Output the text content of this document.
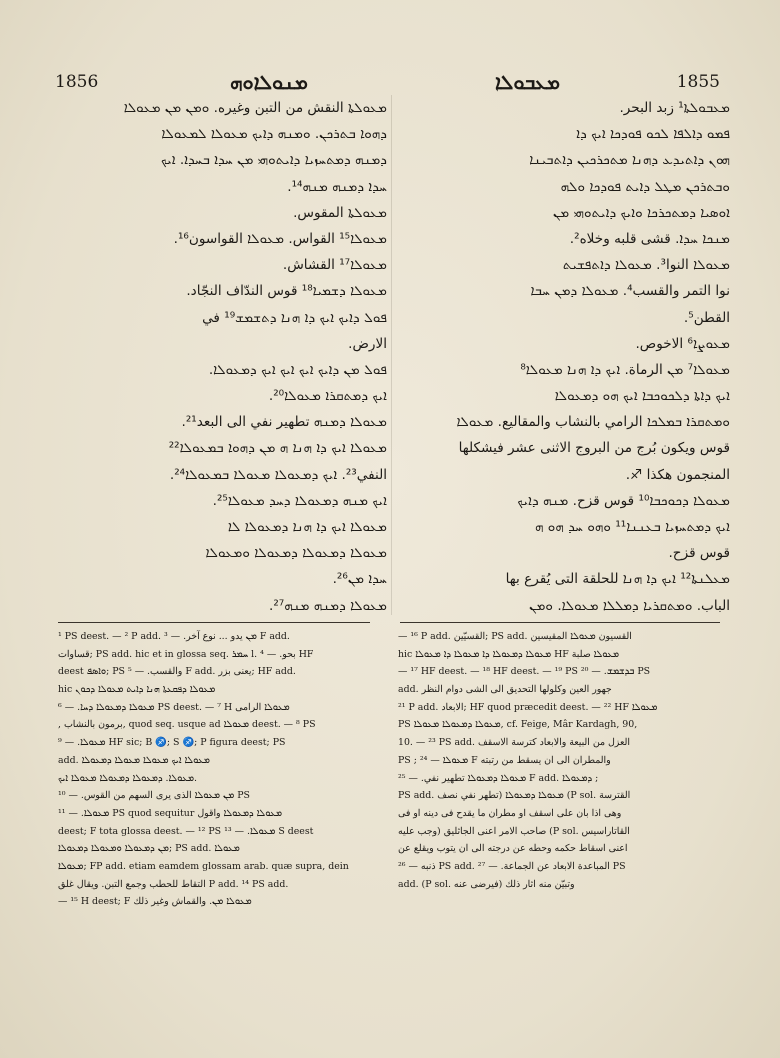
1856	ܡܢܘܠܐܘܗ	ܡܥܒܘܠܐ	1855
ܡܥܘܠܬܐ النقش من التبن وغيره. ܘܡܢ ܡܢ ܡܥܘܠܐ
ܕܗܘܐ ܒܬܪܟܢ. ܘܡܢܗ ܕܐܝܟ ܡܥܘܠܐ ܠܡܥܘܠܐ
ܕܡܢܗ ܕܡܬܚܙܝܐ ܕܐܝܬܘܗܝ ܡܢ ܚܕܐ ܒܚܕܐ. ܐܝܟ
ܚܕܐ ܕܡܢܗ ܡܢܗ¹⁴.
ܡܥܘܠܬܐ المقوس.
ܡܥܘܠܐ¹⁵ القواس. ܡܥܘܠܐ القواسون¹⁶.
ܡܥܘܠܐ¹⁷ القشاش.
ܡܥܘܠܐ ܕܫܡܝܐ¹⁸ قوس الندّاف النجّاد.
ܦܘܠ ܕܐܝܟ ܐܝܟ ܕܐ ܗܢܐ ܕܬܫܡܫ¹⁹ في
الارض.
ܦܘܠ ܡܢ ܕܐܝܟ ܐܝܟ ܐܝܟ ܐܝܟ ܕܡܥܘܠܐ.
ܐܝܟ ܕܡܬܩܪܐ ܡܥܘܠܐ²⁰.
ܡܥܘܠܐ ܕܡܢܗ تطهير نفي الى البعد²¹.
ܡܥܘܠܐ ܐܝܟ ܕܐ ܗܢܐ ܗ ܡܢ ܕܗܘܐ ܒܡܥܘܠܐ²²
النفي²³. ܐܝܟ ܕܡܥܘܠܐ ܡܥܘܠܐ ܒܡܥܘܠܐ²⁴.
ܐܝܟ ܡܢܗ ܕܡܥܘܠܐ ܕܚܕ ܡܥܘܠܐ²⁵.
ܡܥܘܠܐ ܐܝܟ ܕܐ ܗܢܐ ܕܡܥܘܠܐ ܠܐ
ܡܥܘܠܐ ܕܡܥܘܠܐ ܕܡܥܘܠܐ ܘܡܥܘܠܐ
ܚܕܐ ܡܢ²⁶.
ܡܥܘܠܐ ܕܡܢܗ ܡܢܗ²⁷.
ܡܥܒܘܠܬܐ¹ زبد البحر.
ܦܡܘ ܕܐܠܦܐ ܠܟܘ ܦܘܕܟܐ ܐܝܟ ܕܐ
ܗܘܢ ܕܐܬܝܕܥ ܕܗܢܐ ܡܬܟܪܟܝܢ ܕܐܬܒܝܢܐ
ܘܒܬܪܟܢ ܡܛܠ ܕܐܝܬ ܦܘܕܟܐ ܘܠܗ
ܐܘܣܝܐ ܕܡܬܟܪܟܐ ܘܐܝܟ ܕܐܝܬܘܗܝ ܡܢ
ܡܢܟܐ ܚܕܐ. قشى قلبه وخلاه².
ܡܥܘܠܐ النوا³. ܡܥܘܠܐ ܕܐܬܦܫܝܬ
نوا التمر والقسب⁴. ܡܥܘܠܐ ܕܡܢ ܚܒܐ
القطن⁵.
ܡܥܘܨܐ⁶ الاخوص.
ܡܥܘܠܐ⁷ ܡܢ الرماة. ܐܝܟ ܕܐ ܗܢܐ ܡܥܘܠܐ⁸
ܐܝܟ ܕܐܬܐ ܕܠܟܘܟܒܐ ܐܝܟ ܗܘ ܕܡܥܘܠܐ
ܘܡܬܩܪܐ ܒܡܠܟܐ الرامي بالنشاب والمقاليع. ܡܥܘܠܐ
قوس ويكون بُرج من البروج الاثنى عشر فيشكلها
المنجمون هكذا ♐.
ܡܥܘܠܐ ܕܟܘܟܒܐ¹⁰ قوس قزح. ܡܢܗ ܕܐܝܟ
ܐܝܟ ܕܡܬܚܙܝܐ ܒܥܢܢܐ¹¹ ܘܗܘ ܚܕ ܗܘ ܗ
قوس قزح.
ܡܥܠܢܬܐ¹² ܐܝܟ ܕܐ ܗܢܐ للحلقة التى يُقرع بها
الباب. ܘܡܬܩܪܝܐ ܕܡܠܠܐ ܡܥܘܠܐ. ܘܡܢ
¹ PS deest. — ² P add. ܡܢ يدو ... نوع آخر. — ³ F add.
قساوات; PS add. hic et in glossa seq. ܚܡܪ l. بحو. — ⁴ HF
deest ܘܐܣܦ; PS والقسب. — ⁵ F add. يعنى بزر; HF add.
hic ܡܥܘܠܐ ܕܦܩܥܬܐ ܗܢܐ ܕܐܝܬ ܡܥܘܠܐ ܕܟܘܢ
ܡܥܘܠܐ ܕܡܥܘܠܐ ܕܚܐ. — ⁶ PS deest. — ⁷ H ܡܥܘܠܐ الرامى
, برمون بالنشاب, quod seq. usque ad ܡܥܘܠܐ deest. — ⁸ PS
ܡܥܘܠܐ. — ⁹ HF sic; B ♐; S ♐; P figura deest; PS
add. ܡܥܘܠܐ ܐܝܟ ܡܥܘܠܐ ܡܥܘܠܐ ܕܡܥܘܠܐ
ܡܥܘܠܐ. ܕܡܥܘܠܐ ܕܡܥܘܠܐ ܡܥܘܠܐ ܐܝܟ.
ܡܢ ܡܥܘܠܐ الذى يرى السهم من القوس. — ¹⁰ PS
ܡܥܘܠܐ. — ¹¹ PS quod sequitur ܡܥܘܠܐ ܕܡܥܘܠܐ واقول
deest; F tota glossa deest. — ¹² PS ܡܥܘܠܐ. — ¹³ S deest
ܡܢ ܕܡܥܘܠܐ ܘܡܥܘܠܐ ܕܡܥܘܠܐ; PS add. ܡܥܘܠܐ
ܡܥܘܠܐ; FP add. etiam eamdem glossam arab. quæ supra, dein
التقاط للحطب وجمع التبن. ويقال غلق P add. ¹⁴ PS add.
— ¹⁵ H deest; F ܡܥܘܠܐ ܡܢ. والقماش وغير ذلك
— ¹⁶ P add. القسيّين; PS add. القسيون ܡܥܘܠܐ المقيسين
hic ܡܥܘܠܐ ܕܡܥܘܠܐ ܕܐ ܡܥܘܠܐ ܕܐ ܡܥܘܠܐ HF ܡܥܘܠܐ صلبة
— ¹⁷ HF deest. — ¹⁸ HF deest. — ¹⁹ PS ܒܕܫܡܫ. — ²⁰ PS
add. جهور العين وكلولها التحديق الى الشى دوام النظر
²¹ P add. الابعاد; HF quod præcedit deest. — ²² HF ܡܥܘܠܐ
PS ܡܥܘܠܐ ܕܡܥܘܠܐ ܡܥܘܠܐ, cf. Feige, Mâr Kardagh, 90,
10. — ²³ PS add. العزل من البيعة والابعاد كترسة الاسقف
PS ; ܡܥܘܠܐ — ²⁴ F والمطران الى ان يسقط من رتبته
ܡܥܘܠܐ ܕܡܥܘܠܐ تطهير نفي. — ²⁵ F add. ܕܡܥܘܠܐ ;
PS add. ܡܥܘܠܐ ܕܡܥܘܠܐ (تطهر نفي نصف (P sol. القترسة
وهى اذا بان على اسقف او مطران ما يقدح فى دينه او فى
صاحب الامر اعنى الجاثليق (وجب عليه (P sol. القاتاراسيس
اعنى اسقاط حكمه وحطه عن درجته الى ان يتوب ويقلع عن
ذنبه — ²⁶ PS add. المباعدة الابعاد عن الجماعة. — ²⁷ PS
add. (P sol. وتبيّن منه اثار ذلك (فيرضى عنه
